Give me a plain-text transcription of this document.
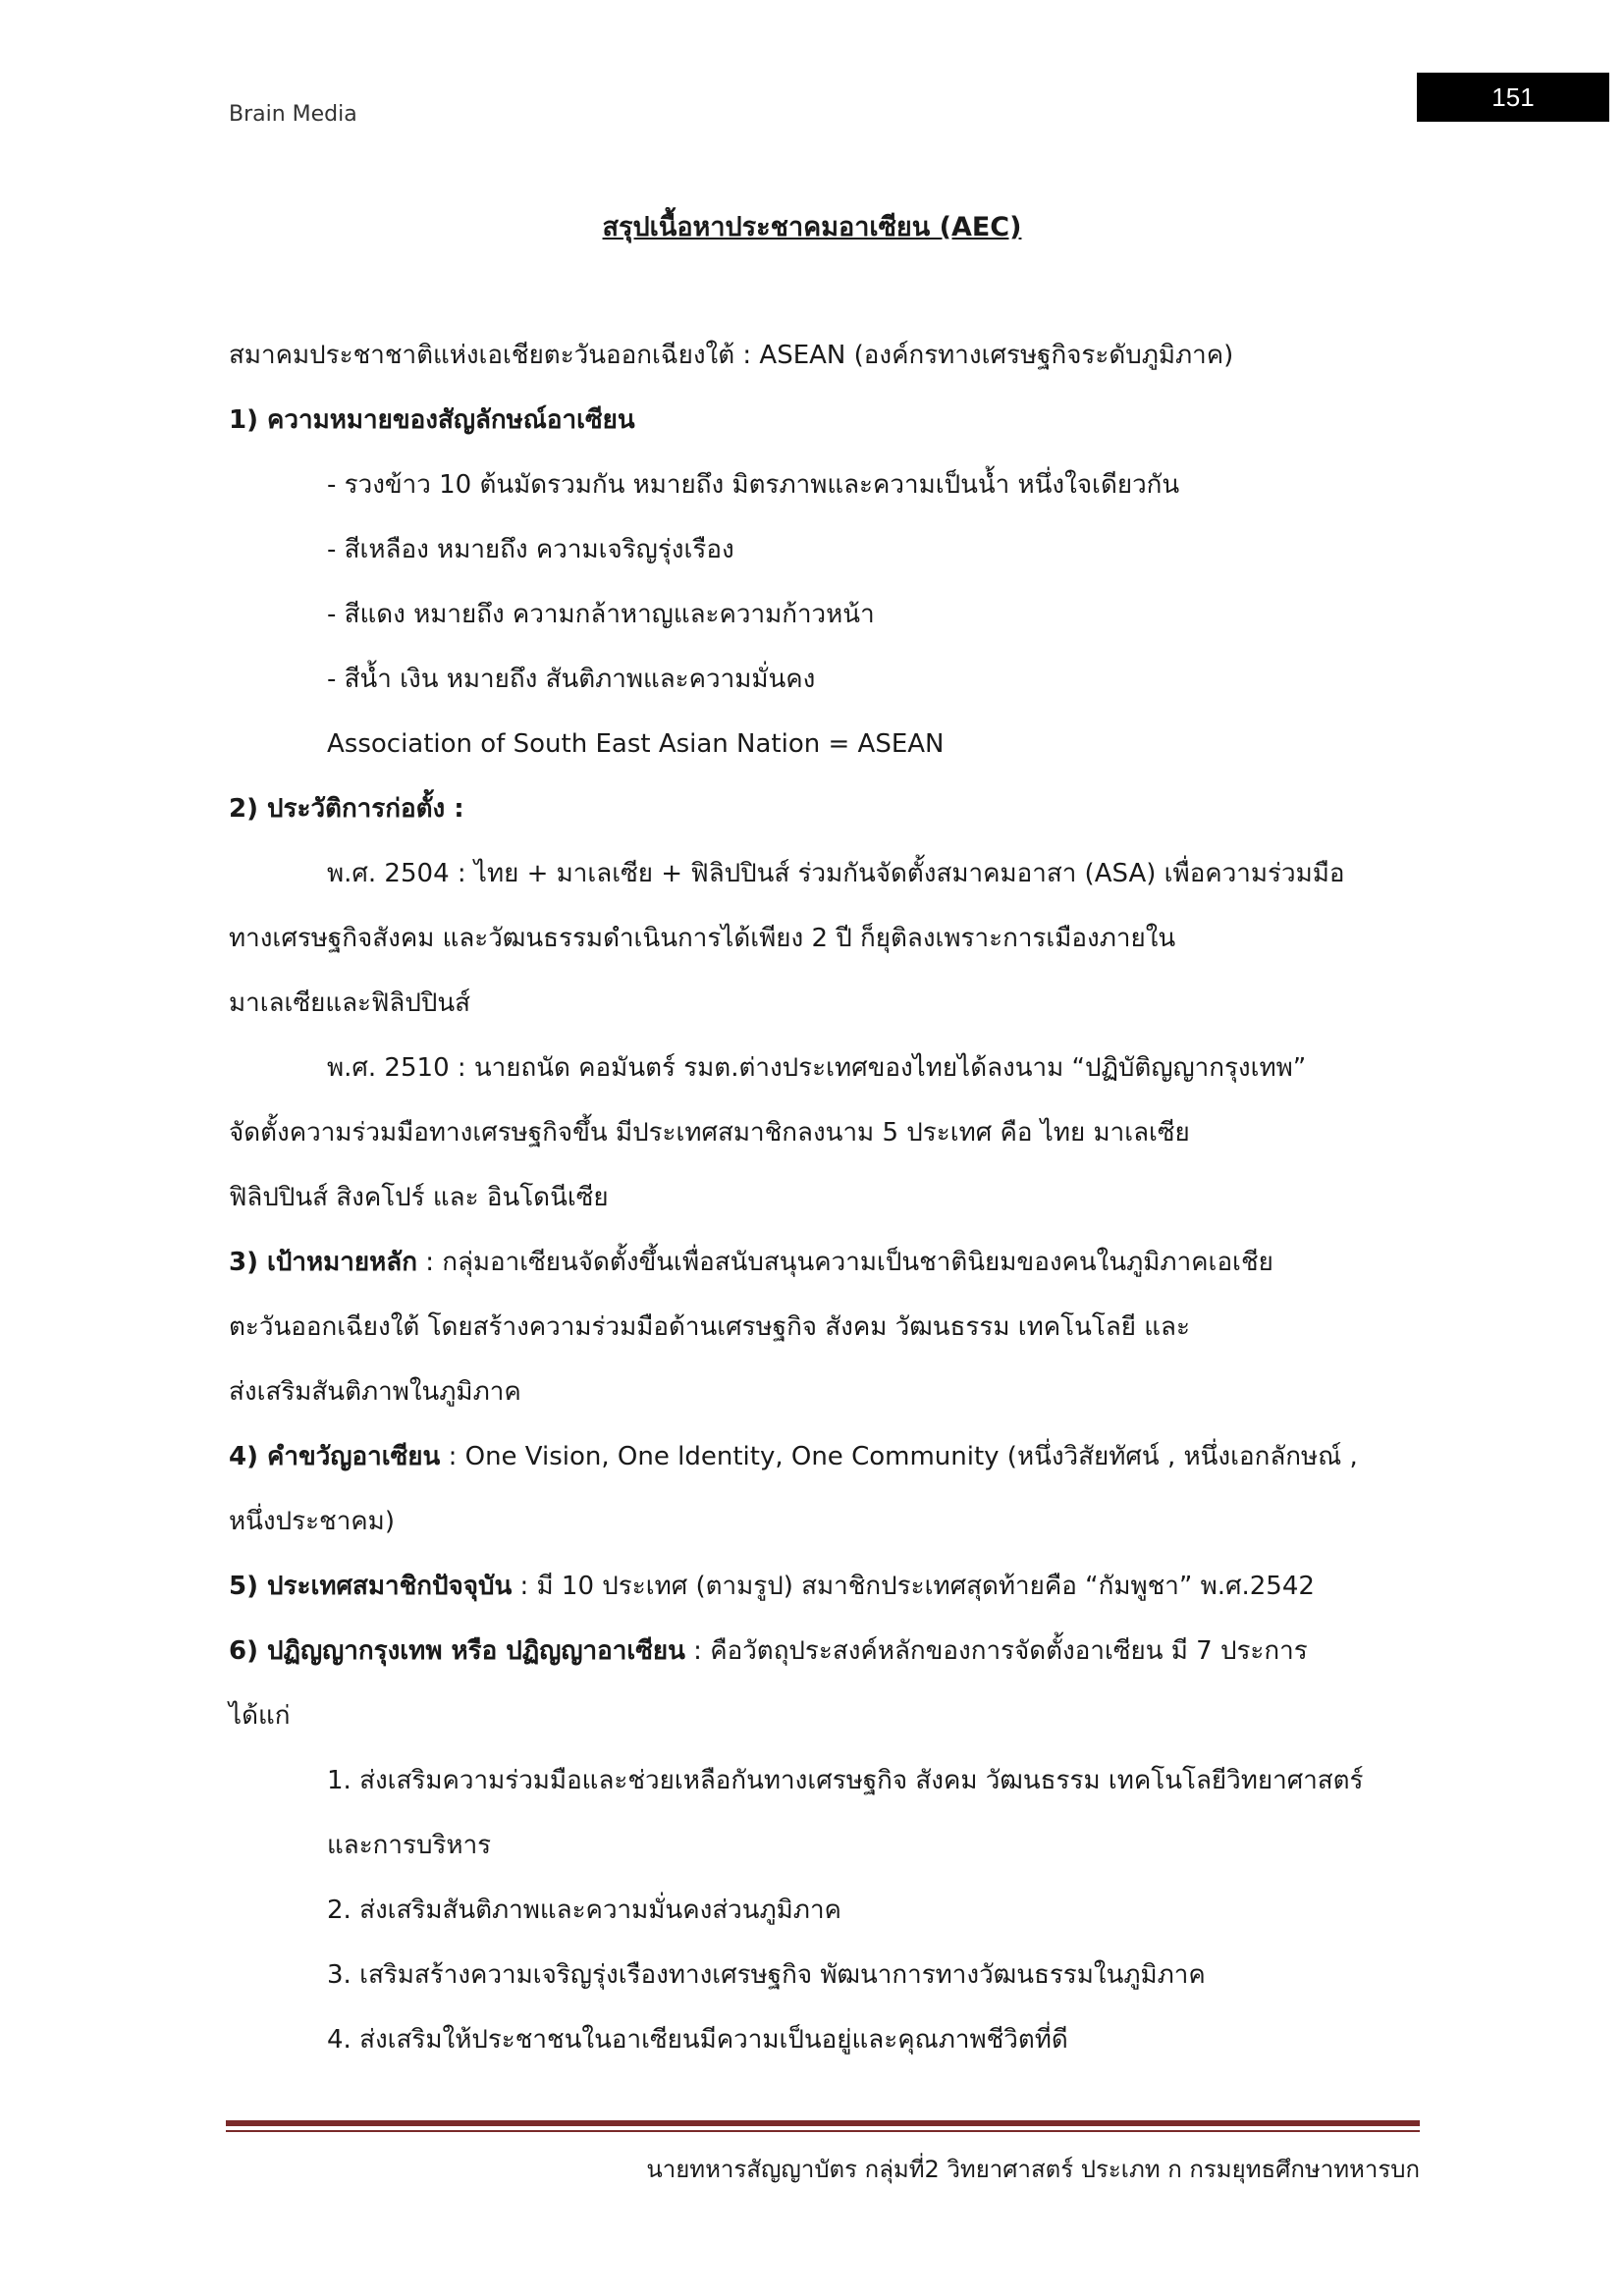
Brain Media
151
สรุปเนื้อหาประชาคมอาเซียน (AEC)
สมาคมประชาชาติแห่งเอเชียตะวันออกเฉียงใต้ : ASEAN (องค์กรทางเศรษฐกิจระดับภูมิภาค)
1) ความหมายของสัญลักษณ์อาเซียน
- รวงข้าว 10 ต้นมัดรวมกัน หมายถึง มิตรภาพและความเป็นน้ำ หนึ่งใจเดียวกัน
- สีเหลือง หมายถึง ความเจริญรุ่งเรือง
- สีแดง หมายถึง ความกล้าหาญและความก้าวหน้า
- สีน้ำ เงิน หมายถึง สันติภาพและความมั่นคง
Association of South East Asian Nation = ASEAN
2) ประวัติการก่อตั้ง :
พ.ศ. 2504 : ไทย + มาเลเซีย + ฟิลิปปินส์ ร่วมกันจัดตั้งสมาคมอาสา (ASA) เพื่อความร่วมมือ
ทางเศรษฐกิจสังคม และวัฒนธรรมดำเนินการได้เพียง 2 ปี ก็ยุติลงเพราะการเมืองภายใน
มาเลเซียและฟิลิปปินส์
พ.ศ. 2510 : นายถนัด คอมันตร์ รมต.ต่างประเทศของไทยได้ลงนาม “ปฏิบัติญญากรุงเทพ”
จัดตั้งความร่วมมือทางเศรษฐกิจขึ้น มีประเทศสมาชิกลงนาม 5 ประเทศ คือ ไทย มาเลเซีย
ฟิลิปปินส์ สิงคโปร์ และ อินโดนีเซีย
3) เป้าหมายหลัก : กลุ่มอาเซียนจัดตั้งขึ้นเพื่อสนับสนุนความเป็นชาตินิยมของคนในภูมิภาคเอเชีย
ตะวันออกเฉียงใต้ โดยสร้างความร่วมมือด้านเศรษฐกิจ สังคม วัฒนธรรม เทคโนโลยี และ
ส่งเสริมสันติภาพในภูมิภาค
4) คำขวัญอาเซียน : One Vision, One ldentity, One Community (หนึ่งวิสัยทัศน์ , หนึ่งเอกลักษณ์ ,
หนึ่งประชาคม)
5) ประเทศสมาชิกปัจจุบัน : มี 10 ประเทศ (ตามรูป) สมาชิกประเทศสุดท้ายคือ “กัมพูชา” พ.ศ.2542
6) ปฏิญญากรุงเทพ หรือ ปฏิญญาอาเซียน : คือวัตถุประสงค์หลักของการจัดตั้งอาเซียน มี 7 ประการ
ได้แก่
1. ส่งเสริมความร่วมมือและช่วยเหลือกันทางเศรษฐกิจ สังคม วัฒนธรรม เทคโนโลยีวิทยาศาสตร์
และการบริหาร
2. ส่งเสริมสันติภาพและความมั่นคงส่วนภูมิภาค
3. เสริมสร้างความเจริญรุ่งเรืองทางเศรษฐกิจ พัฒนาการทางวัฒนธรรมในภูมิภาค
4. ส่งเสริมให้ประชาชนในอาเซียนมีความเป็นอยู่และคุณภาพชีวิตที่ดี
นายทหารสัญญาบัตร กลุ่มที่2 วิทยาศาสตร์ ประเภท ก กรมยุทธศึกษาทหารบก
